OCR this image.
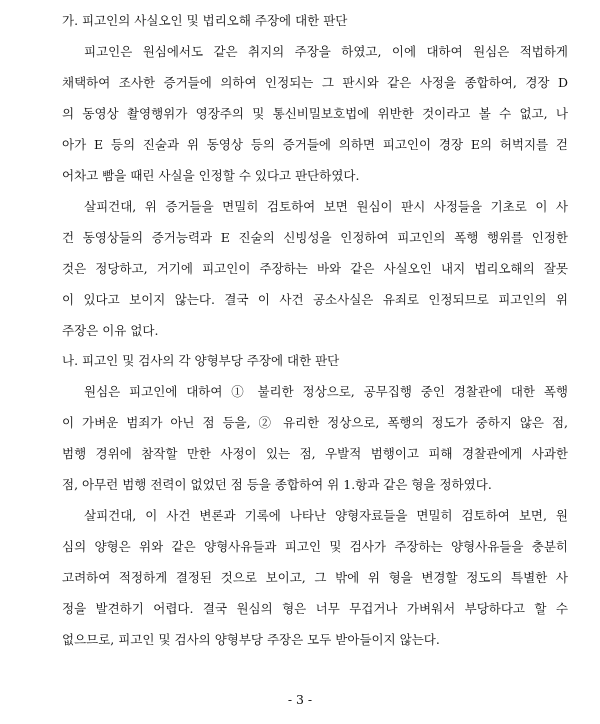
가. 피고인의 사실오인 및 법리오해 주장에 대한 판단
피고인은 원심에서도 같은 취지의 주장을 하였고, 이에 대하여 원심은 적법하게
채택하여 조사한 증거들에 의하여 인정되는 그 판시와 같은 사정을 종합하여, 경장 D
의 동영상 촬영행위가 영장주의 및 통신비밀보호법에 위반한 것이라고 볼 수 없고, 나
아가 E 등의 진술과 위 동영상 등의 증거들에 의하면 피고인이 경장 E의 허벅지를 걷
어차고 빰을 때린 사실을 인정할 수 있다고 판단하였다.
살피건대, 위 증거들을 면밀히 검토하여 보면 원심이 판시 사정들을 기초로 이 사
건 동영상들의 증거능력과 E 진술의 신빙성을 인정하여 피고인의 폭행 행위를 인정한
것은 정당하고, 거기에 피고인이 주장하는 바와 같은 사실오인 내지 법리오해의 잘못
이 있다고 보이지 않는다. 결국 이 사건 공소사실은 유죄로 인정되므로 피고인의 위
주장은 이유 없다.
나. 피고인 및 검사의 각 양형부당 주장에 대한 판단
원심은 피고인에 대하여 ① 불리한 정상으로, 공무집행 중인 경찰관에 대한 폭행
이 가벼운 범죄가 아닌 점 등을, ② 유리한 정상으로, 폭행의 정도가 중하지 않은 점,
범행 경위에 참작할 만한 사정이 있는 점, 우발적 범행이고 피해 경찰관에게 사과한
점, 아무런 범행 전력이 없었던 점 등을 종합하여 위 1.항과 같은 형을 정하였다.
살피건대, 이 사건 변론과 기록에 나타난 양형자료들을 면밀히 검토하여 보면, 원
심의 양형은 위와 같은 양형사유들과 피고인 및 검사가 주장하는 양형사유들을 충분히
고려하여 적정하게 결정된 것으로 보이고, 그 밖에 위 형을 변경할 정도의 특별한 사
정을 발견하기 어렵다. 결국 원심의 형은 너무 무겁거나 가벼워서 부당하다고 할 수
없으므로, 피고인 및 검사의 양형부당 주장은 모두 받아들이지 않는다.
- 3 -
